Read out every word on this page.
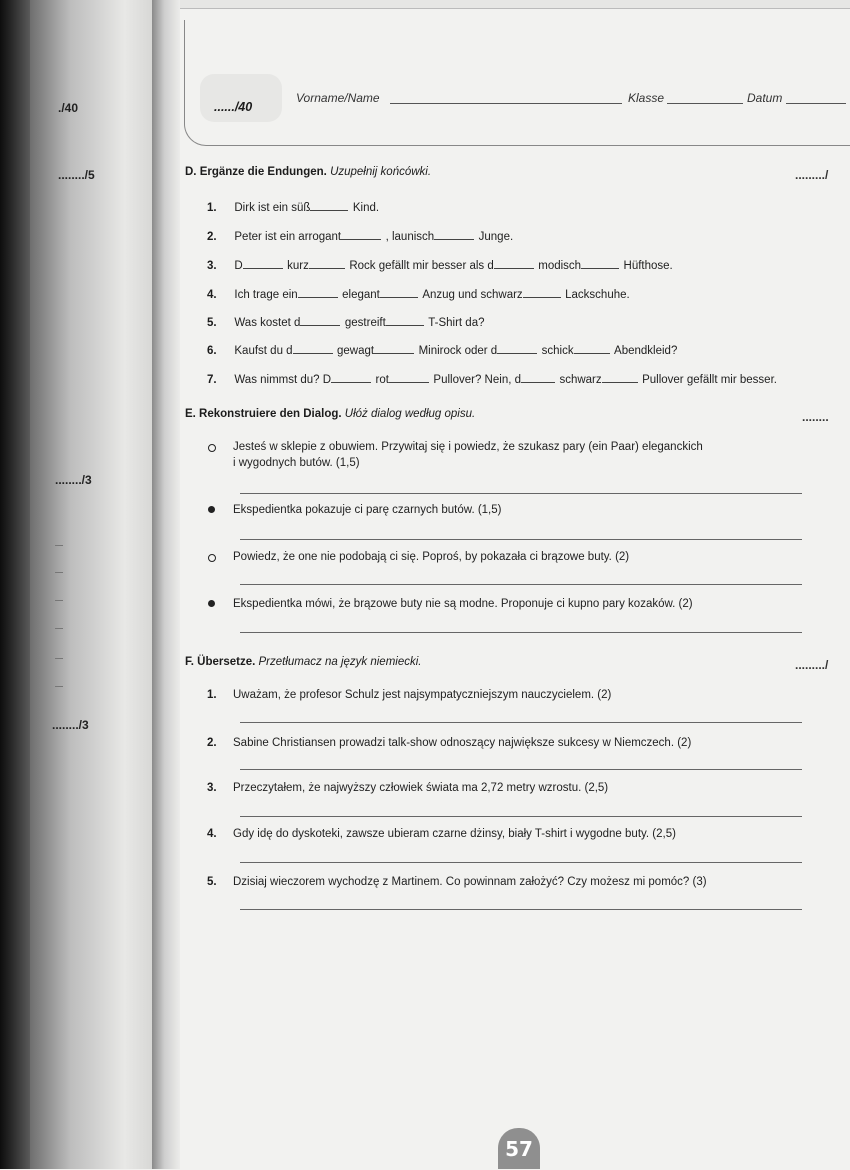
./40
......../5
......../3
......../3
....../40
Vorname/Name	Klasse	Datum
D. Ergänze die Endungen. Uzupełnij końcówki.	........./
1. Dirk ist ein süß	Kind.
2. Peter ist ein arrogant	, launisch	Junge.
3. D	kurz	Rock gefällt mir besser als d	modisch	Hüfthose.
4. Ich trage ein	elegant	Anzug und schwarz	Lackschuhe.
5. Was kostet d	gestreift	T-Shirt da?
6. Kaufst du d	gewagt	Minirock oder d	schick	Abendkleid?
7. Was nimmst du? D	rot	Pullover? Nein, d	schwarz	Pullover gefällt mir besser.
E. Rekonstruiere den Dialog. Ułóż dialog według opisu.	........
Jesteś w sklepie z obuwiem. Przywitaj się i powiedz, że szukasz pary (ein Paar) eleganckich
i wygodnych butów. (1,5)
Ekspedientka pokazuje ci parę czarnych butów. (1,5)
Powiedz, że one nie podobają ci się. Poproś, by pokazała ci brązowe buty. (2)
Ekspedientka mówi, że brązowe buty nie są modne. Proponuje ci kupno pary kozaków. (2)
F. Übersetze. Przetłumacz na język niemiecki.	........./
1. Uważam, że profesor Schulz jest najsympatyczniejszym nauczycielem. (2)
2. Sabine Christiansen prowadzi talk-show odnoszący największe sukcesy w Niemczech. (2)
3. Przeczytałem, że najwyższy człowiek świata ma 2,72 metry wzrostu. (2,5)
4. Gdy idę do dyskoteki, zawsze ubieram czarne dżinsy, biały T-shirt i wygodne buty. (2,5)
5. Dzisiaj wieczorem wychodzę z Martinem. Co powinnam założyć? Czy możesz mi pomóc? (3)
57
